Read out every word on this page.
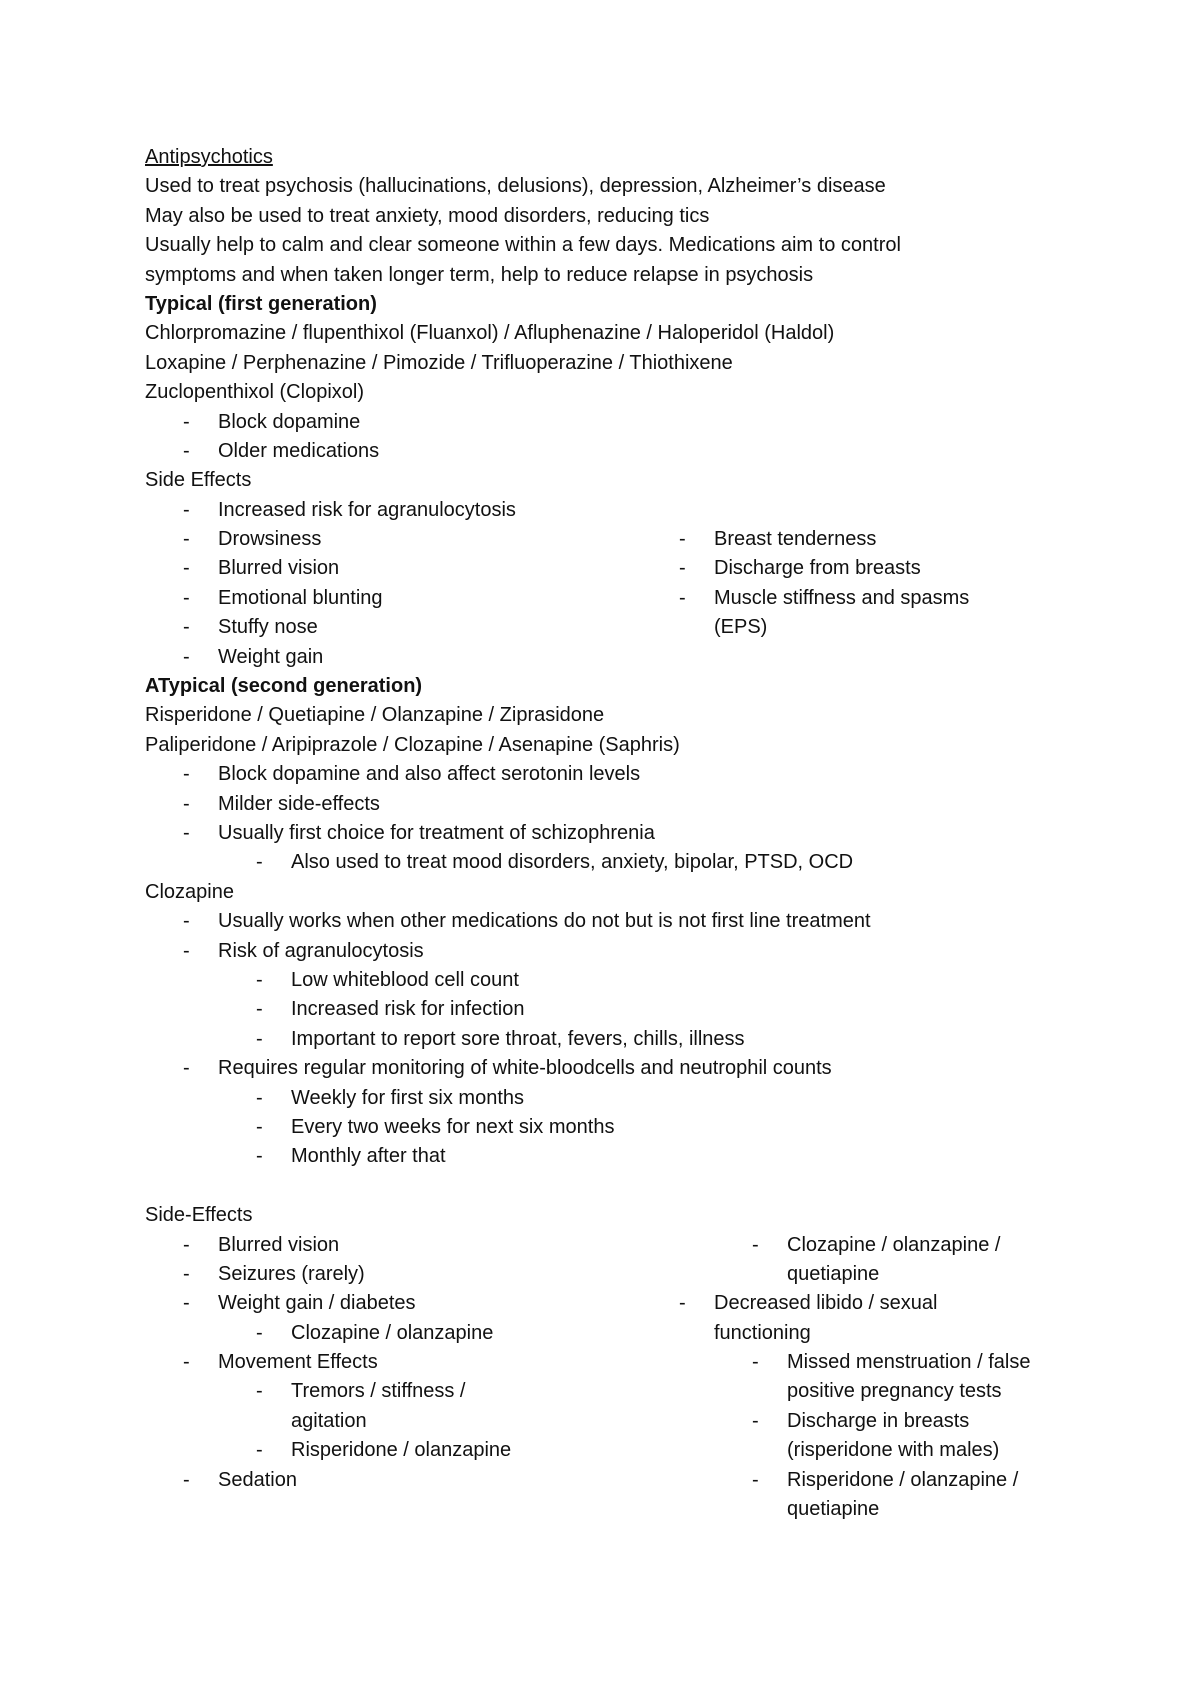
Antipsychotics
Used to treat psychosis (hallucinations, delusions), depression, Alzheimer’s disease
May also be used to treat anxiety, mood disorders, reducing tics
Usually help to calm and clear someone within a few days. Medications aim to control
symptoms and when taken longer term, help to reduce relapse in psychosis
Typical (first generation)
Chlorpromazine / flupenthixol (Fluanxol) / Afluphenazine / Haloperidol (Haldol)
Loxapine / Perphenazine / Pimozide / Trifluoperazine / Thiothixene
Zuclopenthixol (Clopixol)
- Block dopamine
- Older medications
Side Effects
- Increased risk for agranulocytosis
- Drowsiness
- Blurred vision
- Emotional blunting
- Stuffy nose
- Weight gain
- Breast tenderness
- Discharge from breasts
- Muscle stiffness and spasms
(EPS)
ATypical (second generation)
Risperidone / Quetiapine / Olanzapine / Ziprasidone
Paliperidone / Aripiprazole / Clozapine / Asenapine (Saphris)
- Block dopamine and also affect serotonin levels
- Milder side-effects
- Usually first choice for treatment of schizophrenia
- Also used to treat mood disorders, anxiety, bipolar, PTSD, OCD
Clozapine
- Usually works when other medications do not but is not first line treatment
- Risk of agranulocytosis
- Low whiteblood cell count
- Increased risk for infection
- Important to report sore throat, fevers, chills, illness
- Requires regular monitoring of white-bloodcells and neutrophil counts
- Weekly for first six months
- Every two weeks for next six months
- Monthly after that
Side-Effects
- Blurred vision
- Seizures (rarely)
- Weight gain / diabetes
- Clozapine / olanzapine
- Movement Effects
- Tremors / stiffness /
agitation
- Risperidone / olanzapine
- Sedation
- Clozapine / olanzapine /
quetiapine
- Decreased libido / sexual
functioning
- Missed menstruation / false
positive pregnancy tests
- Discharge in breasts
(risperidone with males)
- Risperidone / olanzapine /
quetiapine
